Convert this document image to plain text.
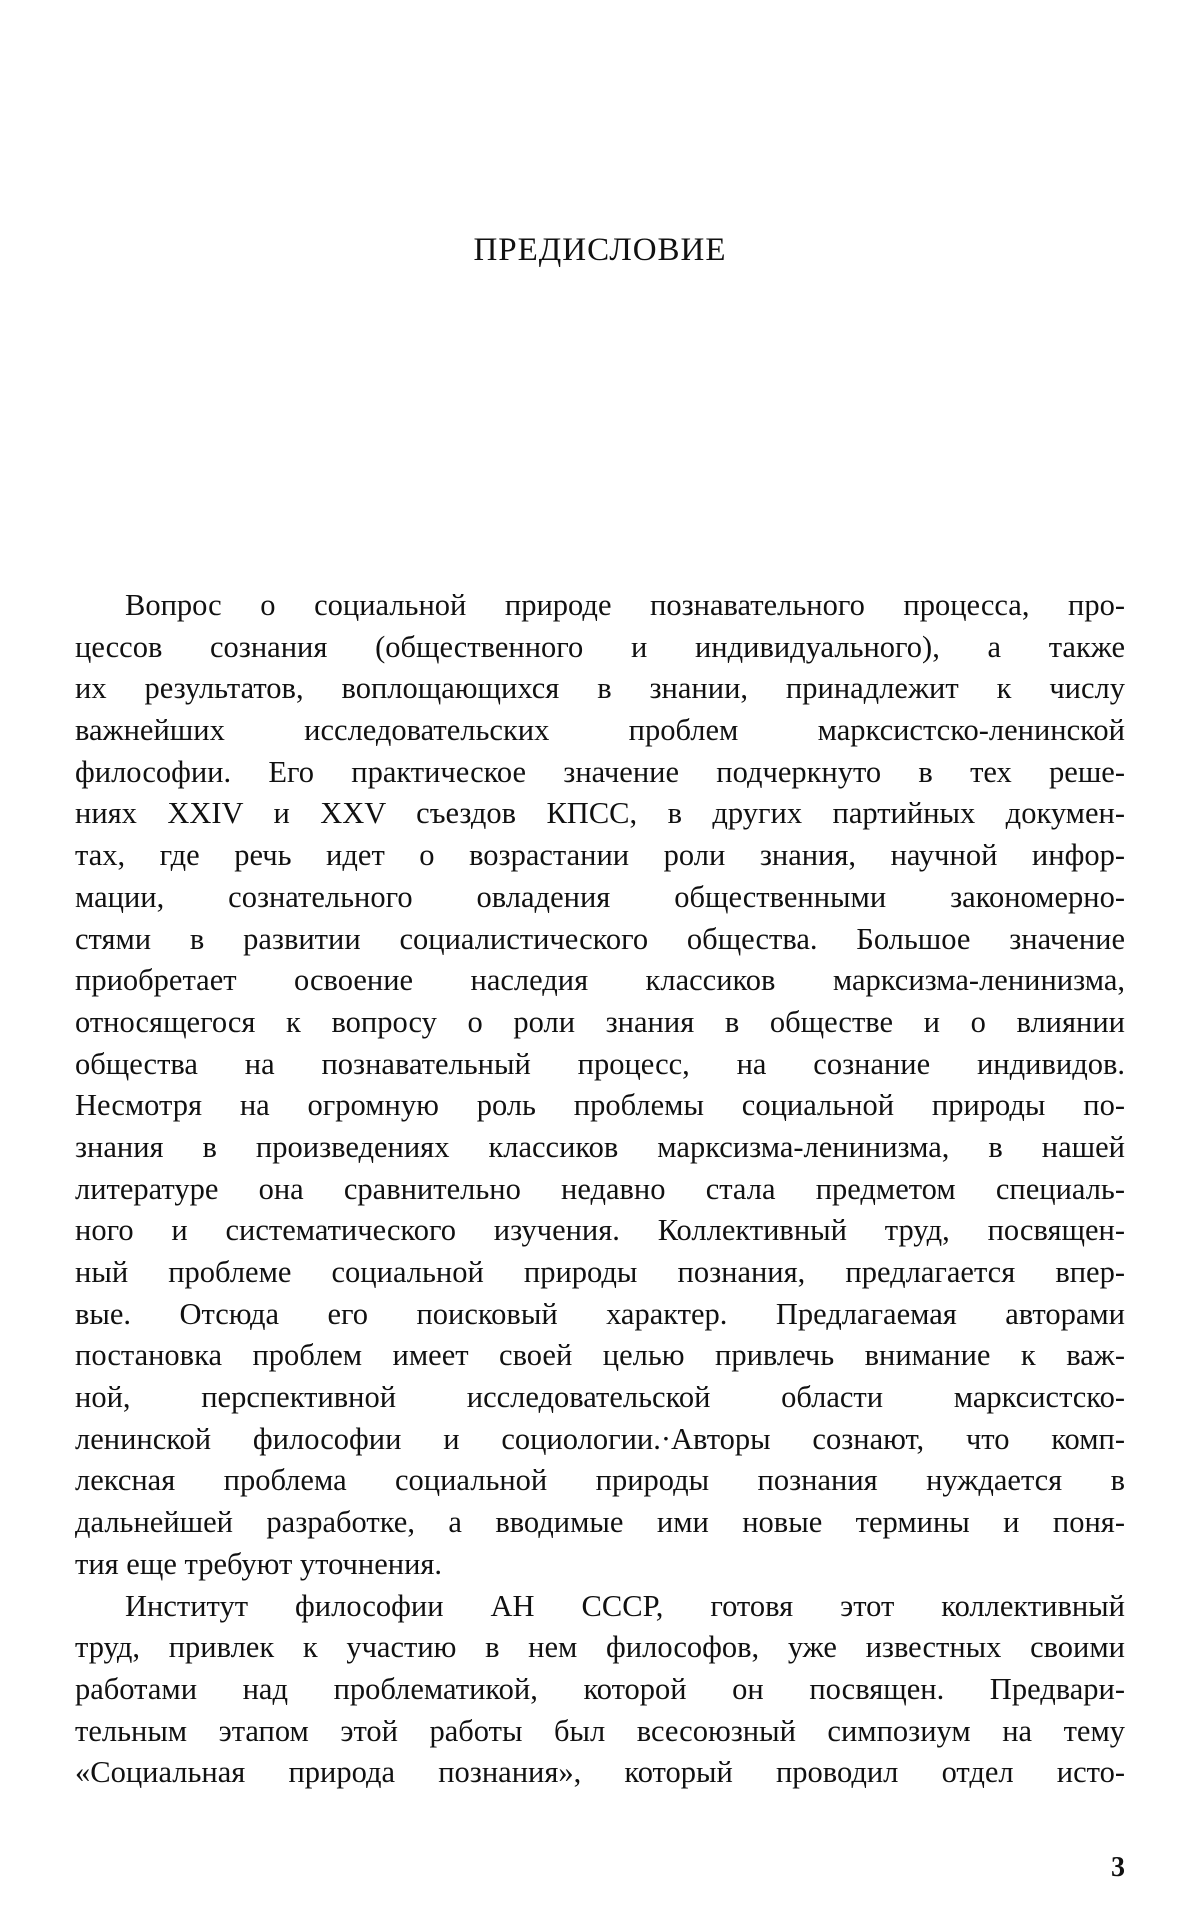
ПРЕДИСЛОВИЕ
Вопрос о социальной природе познавательного процесса, про-
цессов сознания (общественного и индивидуального), а также
их результатов, воплощающихся в знании, принадлежит к числу
важнейших исследовательских проблем марксистско-ленинской
философии. Его практическое значение подчеркнуто в тех реше-
ниях XXIV и XXV съездов КПСС, в других партийных докумен-
тах, где речь идет о возрастании роли знания, научной инфор-
мации, сознательного овладения общественными закономерно-
стями в развитии социалистического общества. Большое значение
приобретает освоение наследия классиков марксизма-ленинизма,
относящегося к вопросу о роли знания в обществе и о влиянии
общества на познавательный процесс, на сознание индивидов.
Несмотря на огромную роль проблемы социальной природы по-
знания в произведениях классиков марксизма-ленинизма, в нашей
литературе она сравнительно недавно стала предметом специаль-
ного и систематического изучения. Коллективный труд, посвящен-
ный проблеме социальной природы познания, предлагается впер-
вые. Отсюда его поисковый характер. Предлагаемая авторами
постановка проблем имеет своей целью привлечь внимание к важ-
ной, перспективной исследовательской области марксистско-
ленинской философии и социологии.·Авторы сознают, что комп-
лексная проблема социальной природы познания нуждается в
дальнейшей разработке, а вводимые ими новые термины и поня-
тия еще требуют уточнения.
Институт философии АН СССР, готовя этот коллективный
труд, привлек к участию в нем философов, уже известных своими
работами над проблематикой, которой он посвящен. Предвари-
тельным этапом этой работы был всесоюзный симпозиум на тему
«Социальная природа познания», который проводил отдел исто-
3
